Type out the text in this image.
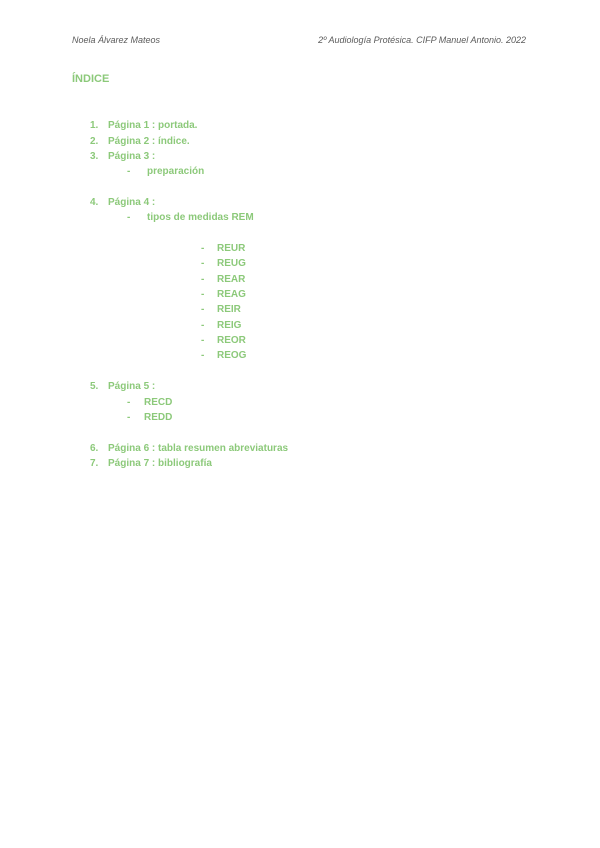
Noela Álvarez Mateos	2º Audiología Protésica. CIFP Manuel Antonio. 2022
ÍNDICE
1. Página 1 : portada.
2. Página 2 : índice.
3. Página 3 :
- preparación
4. Página 4 :
- tipos de medidas REM
- REUR
- REUG
- REAR
- REAG
- REIR
- REIG
- REOR
- REOG
5. Página 5 :
- RECD
- REDD
6. Página 6 : tabla resumen abreviaturas
7. Página 7 : bibliografía
